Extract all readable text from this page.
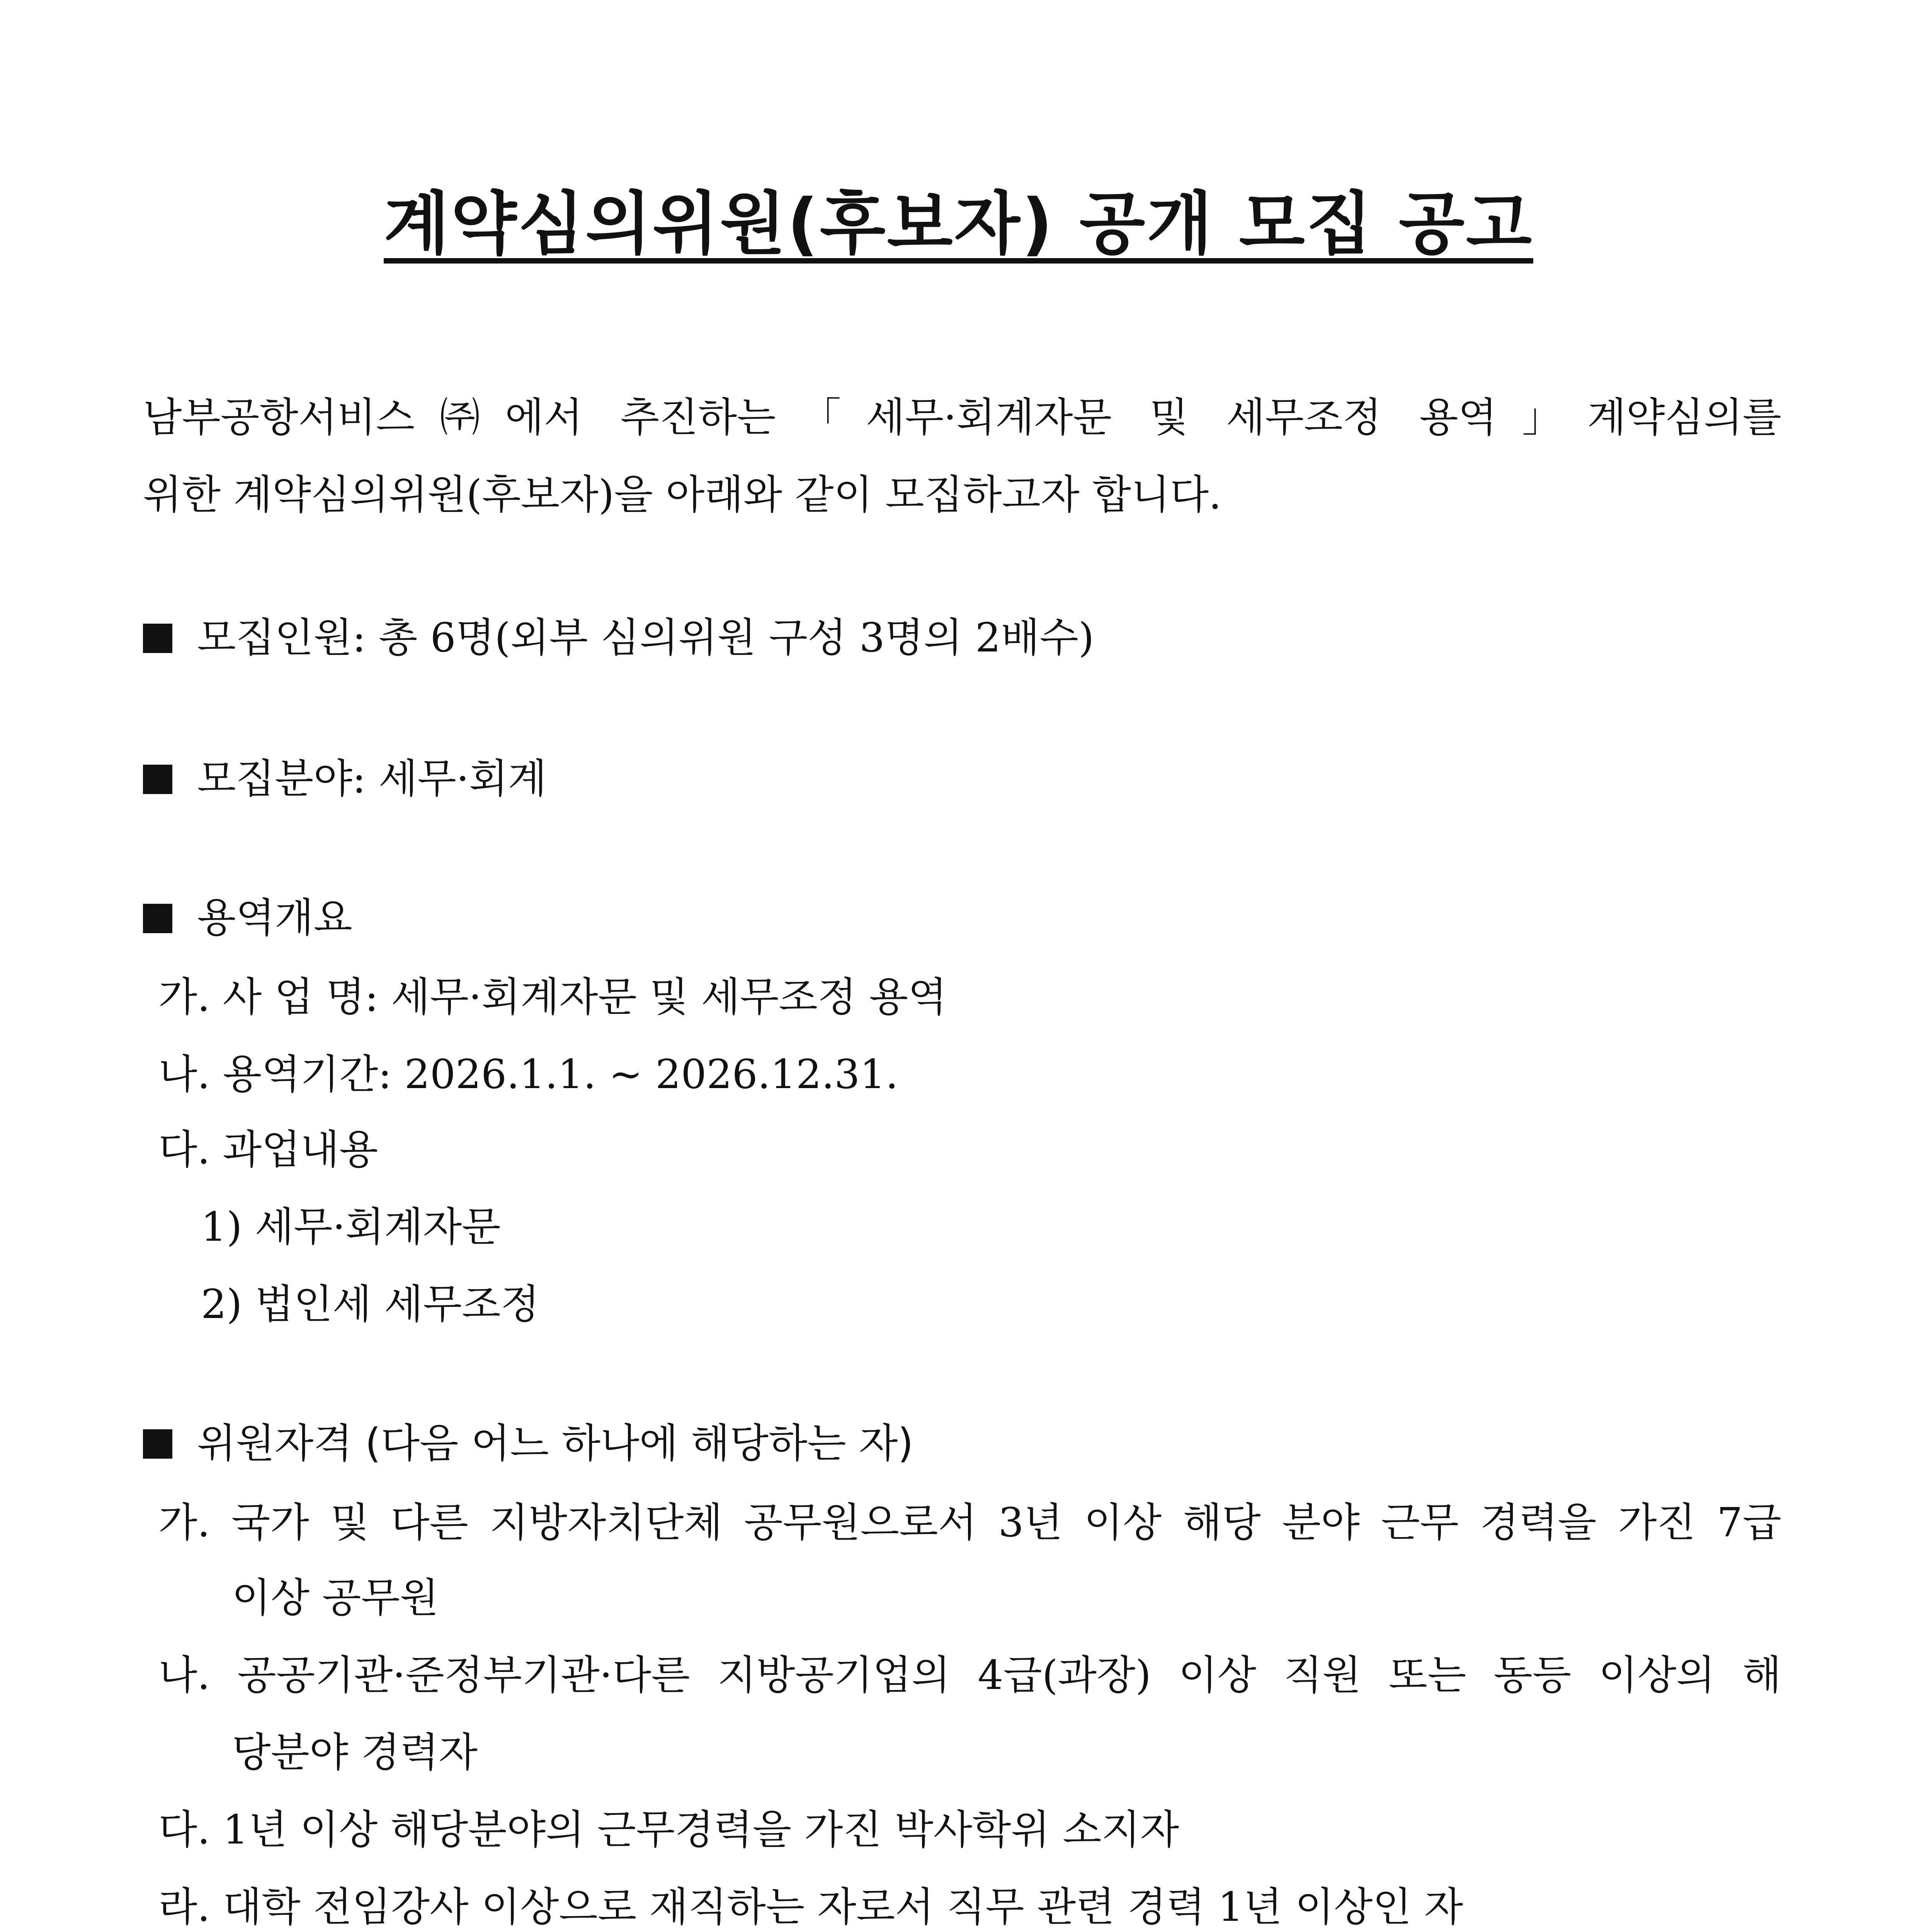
계약심의위원(후보자) 공개 모집 공고
남부공항서비스㈜에서 추진하는「세무·회계자문 및 세무조정 용역」계약심의를
위한 계약심의위원(후보자)을 아래와 같이 모집하고자 합니다.
모집인원: 총 6명(외부 심의위원 구성 3명의 2배수)
모집분야: 세무·회계
용역개요
가. 사 업 명: 세무·회계자문 및 세무조정 용역
나. 용역기간: 2026.1.1. ~ 2026.12.31.
다. 과업내용
1) 세무·회계자문
2) 법인세 세무조정
위원자격 (다음 어느 하나에 해당하는 자)
가. 국가 및 다른 지방자치단체 공무원으로서 3년 이상 해당 분야 근무 경력을 가진 7급
이상 공무원
나. 공공기관·준정부기관·다른 지방공기업의 4급(과장) 이상 직원 또는 동등 이상의 해
당분야 경력자
다. 1년 이상 해당분야의 근무경력을 가진 박사학위 소지자
라. 대학 전임강사 이상으로 재직하는 자로서 직무 관련 경력 1년 이상인 자
